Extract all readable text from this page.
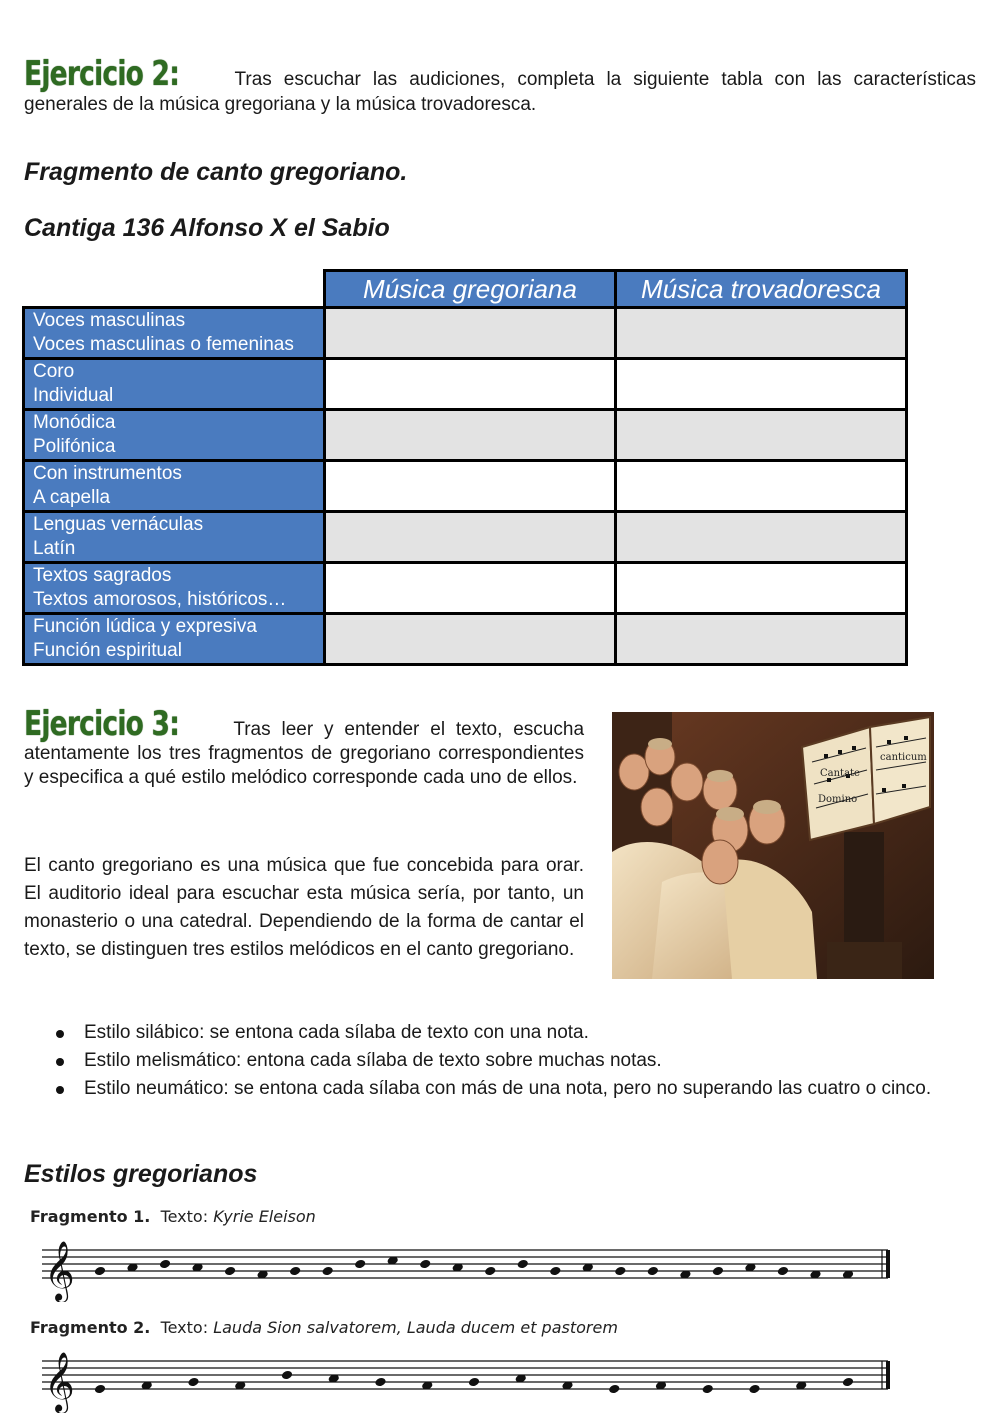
Ejercicio 2:	Tras escuchar las audiciones, completa la siguiente tabla con las características generales de la música gregoriana y la música trovadoresca.
Fragmento de canto gregoriano.
Cantiga 136 Alfonso X el Sabio
	Música gregoriana	Música trovadoresca

Voces masculinas
Voces masculinas o femeninas		

Coro
Individual		

Monódica
Polifónica		

Con instrumentos
A capella		

Lenguas vernáculas
Latín		

Textos sagrados
Textos amorosos, históricos…		

Función lúdica y expresiva
Función espiritual		

Ejercicio 3:	Tras leer y entender el texto, escucha atentamente los tres fragmentos de gregoriano correspondientes y especifica a qué estilo melódico corresponde cada uno de ellos.
El canto gregoriano es una música que fue concebida para orar. El auditorio ideal para escuchar esta música sería, por tanto, un monasterio o una catedral. Dependiendo de la forma de cantar el texto, se distinguen tres estilos melódicos en el canto gregoriano.
Cantate
Domino
canticum
Estilo silábico: se entona cada sílaba de texto con una nota.
Estilo melismático: entona cada sílaba de texto sobre muchas notas.
Estilo neumático: se entona cada sílaba con más de una nota, pero no superando las cuatro o cinco.
Estilos gregorianos
Fragmento 1. Texto: Kyrie Eleison
𝄞
Fragmento 2. Texto: Lauda Sion salvatorem, Lauda ducem et pastorem
𝄞
